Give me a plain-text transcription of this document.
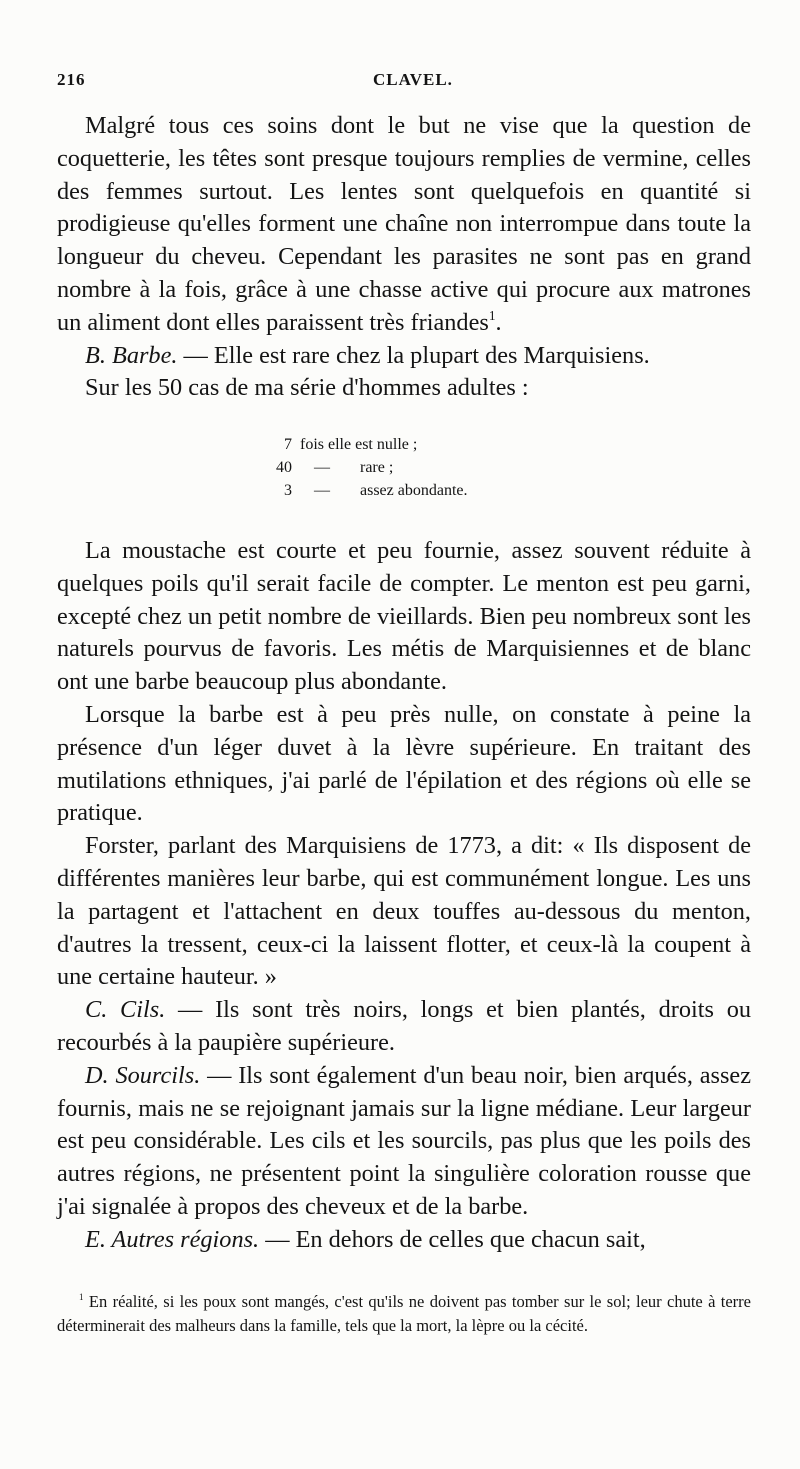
216	CLAVEL.

Malgré tous ces soins dont le but ne vise que la question de coquetterie, les têtes sont presque toujours remplies de vermine, celles des femmes surtout. Les lentes sont quelquefois en quantité si prodigieuse qu'elles forment une chaîne non interrompue dans toute la longueur du cheveu. Cependant les parasites ne sont pas en grand nombre à la fois, grâce à une chasse active qui procure aux matrones un aliment dont elles paraissent très friandes$^1$.

B. Barbe. — Elle est rare chez la plupart des Marquisiens.

Sur les 50 cas de ma série d'hommes adultes :

7 fois elle est nulle ;
40 — rare ;
3 — assez abondante.

La moustache est courte et peu fournie, assez souvent réduite à quelques poils qu'il serait facile de compter. Le menton est peu garni, excepté chez un petit nombre de vieillards. Bien peu nombreux sont les naturels pourvus de favoris. Les métis de Marquisiennes et de blanc ont une barbe beaucoup plus abondante.

Lorsque la barbe est à peu près nulle, on constate à peine la présence d'un léger duvet à la lèvre supérieure. En traitant des mutilations ethniques, j'ai parlé de l'épilation et des régions où elle se pratique.

Forster, parlant des Marquisiens de 1773, a dit: « Ils disposent de différentes manières leur barbe, qui est communément longue. Les uns la partagent et l'attachent en deux touffes au-dessous du menton, d'autres la tressent, ceux-ci la laissent flotter, et ceux-là la coupent à une certaine hauteur. »

C. Cils. — Ils sont très noirs, longs et bien plantés, droits ou recourbés à la paupière supérieure.

D. Sourcils. — Ils sont également d'un beau noir, bien arqués, assez fournis, mais ne se rejoignant jamais sur la ligne médiane. Leur largeur est peu considérable. Les cils et les sourcils, pas plus que les poils des autres régions, ne présentent point la singulière coloration rousse que j'ai signalée à propos des cheveux et de la barbe.

E. Autres régions. — En dehors de celles que chacun sait,

$^1$ En réalité, si les poux sont mangés, c'est qu'ils ne doivent pas tomber sur le sol; leur chute à terre déterminerait des malheurs dans la famille, tels que la mort, la lèpre ou la cécité.
